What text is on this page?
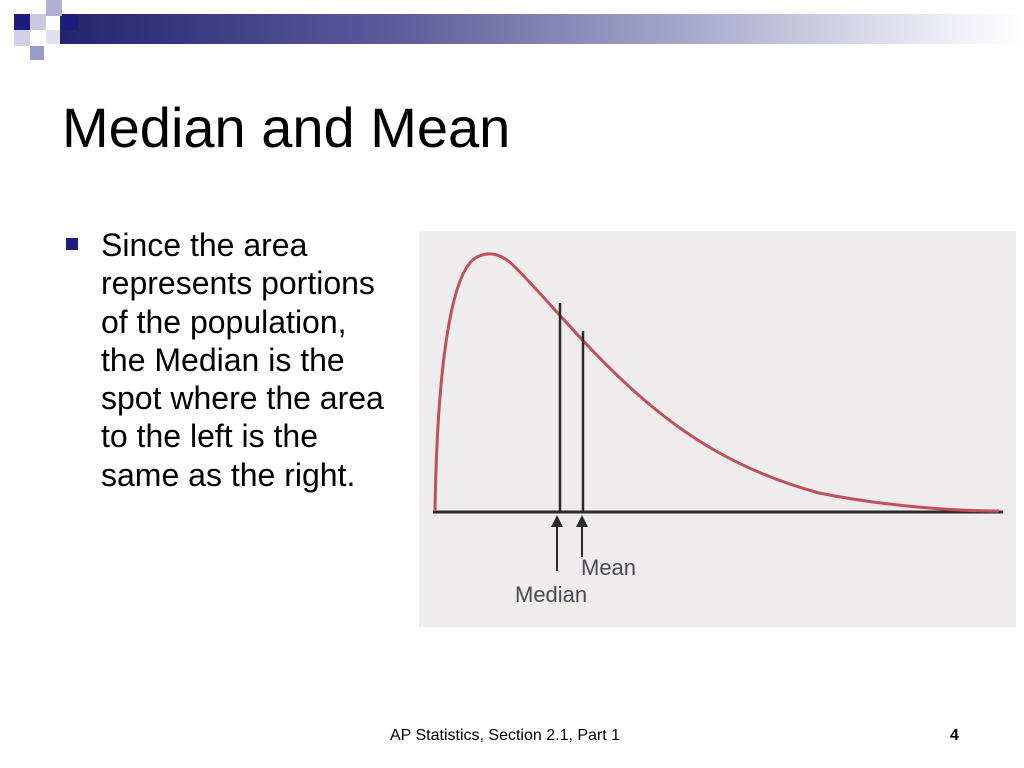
Median and Mean
Since the area represents portions of the population, the Median is the spot where the area to the left is the same as the right.
Mean
Median
AP Statistics, Section 2.1, Part 1	4
